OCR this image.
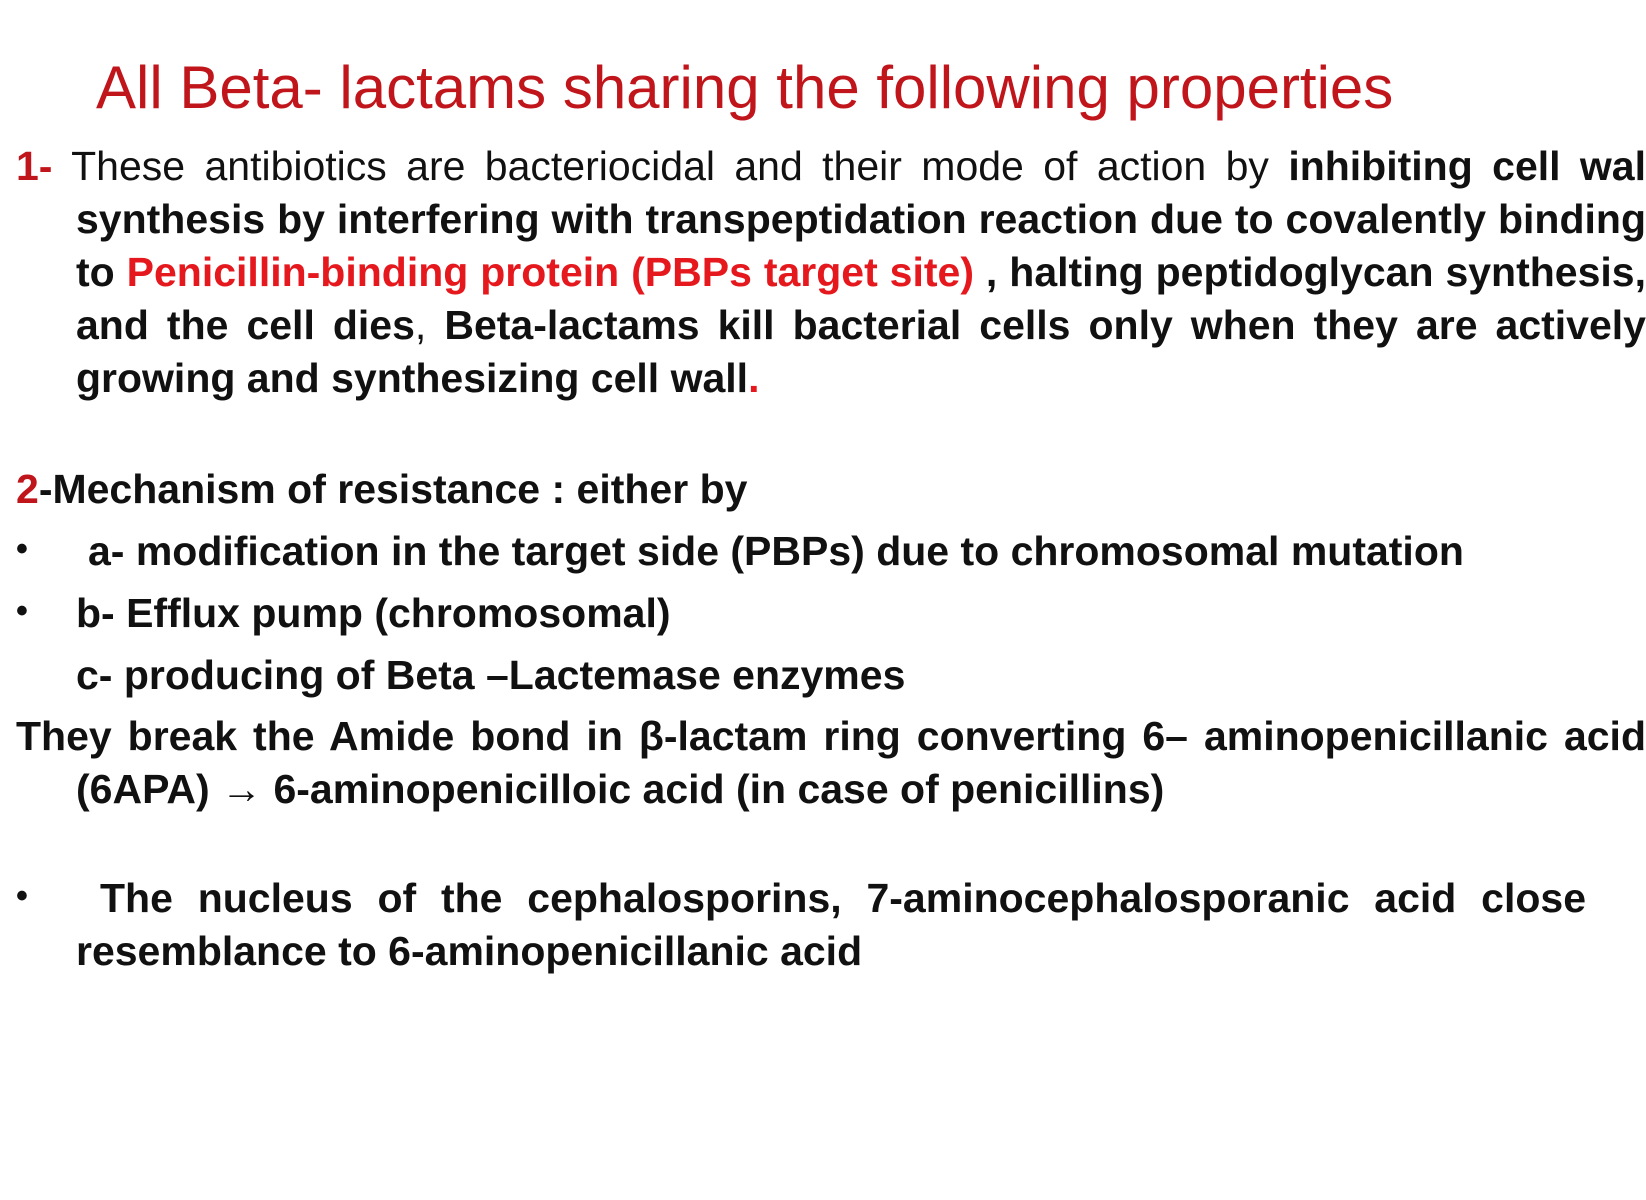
All Beta- lactams sharing the following properties
1- These antibiotics are bacteriocidal and their mode of action by inhibiting cell wal synthesis by interfering with transpeptidation reaction due to covalently binding to Penicillin-binding protein (PBPs target site) , halting peptidoglycan synthesis, and the cell dies, Beta-lactams kill bacterial cells only when they are actively growing and synthesizing cell wall.
2-Mechanism of resistance : either by
• a- modification in the target side (PBPs) due to chromosomal mutation
• b- Efflux pump (chromosomal)
c- producing of Beta –Lactemase enzymes
They break the Amide bond in β-lactam ring converting 6– aminopenicillanic acid (6APA) → 6-aminopenicilloic acid (in case of penicillins)
•	The nucleus of the cephalosporins, 7-aminocephalosporanic acid close resemblance to 6-aminopenicillanic acid
